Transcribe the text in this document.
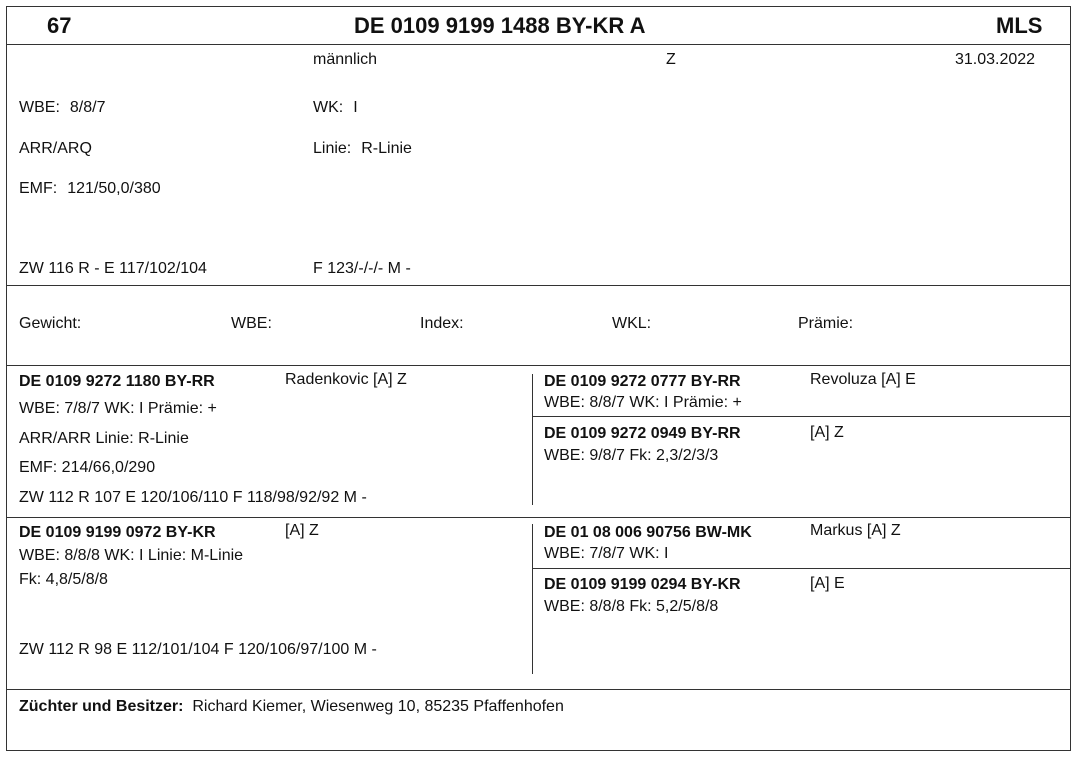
67	DE 0109 9199 1488 BY-KR A	MLS
männlich	Z	31.03.2022
WBE: 8/8/7	WK: I
ARR/ARQ	Linie: R-Linie
EMF: 121/50,0/380
ZW 116 R - E 117/102/104	F 123/-/-/- M -
Gewicht:	WBE:	Index:	WKL:	Prämie:
DE 0109 9272 1180 BY-RR	Radenkovic [A] Z
WBE: 7/8/7 WK: I Prämie: +
ARR/ARR Linie: R-Linie
EMF: 214/66,0/290
ZW 112 R 107 E 120/106/110 F 118/98/92/92 M -
DE 0109 9272 0777 BY-RR	Revoluza [A] E
WBE: 8/8/7 WK: I Prämie: +
DE 0109 9272 0949 BY-RR	[A] Z
WBE: 9/8/7 Fk: 2,3/2/3/3
DE 0109 9199 0972 BY-KR	[A] Z
WBE: 8/8/8 WK: I Linie: M-Linie
Fk: 4,8/5/8/8
ZW 112 R 98 E 112/101/104 F 120/106/97/100 M -
DE 01 08 006 90756 BW-MK	Markus [A] Z
WBE: 7/8/7 WK: I
DE 0109 9199 0294 BY-KR	[A] E
WBE: 8/8/8 Fk: 5,2/5/8/8
Züchter und Besitzer: Richard Kiemer, Wiesenweg 10, 85235 Pfaffenhofen
